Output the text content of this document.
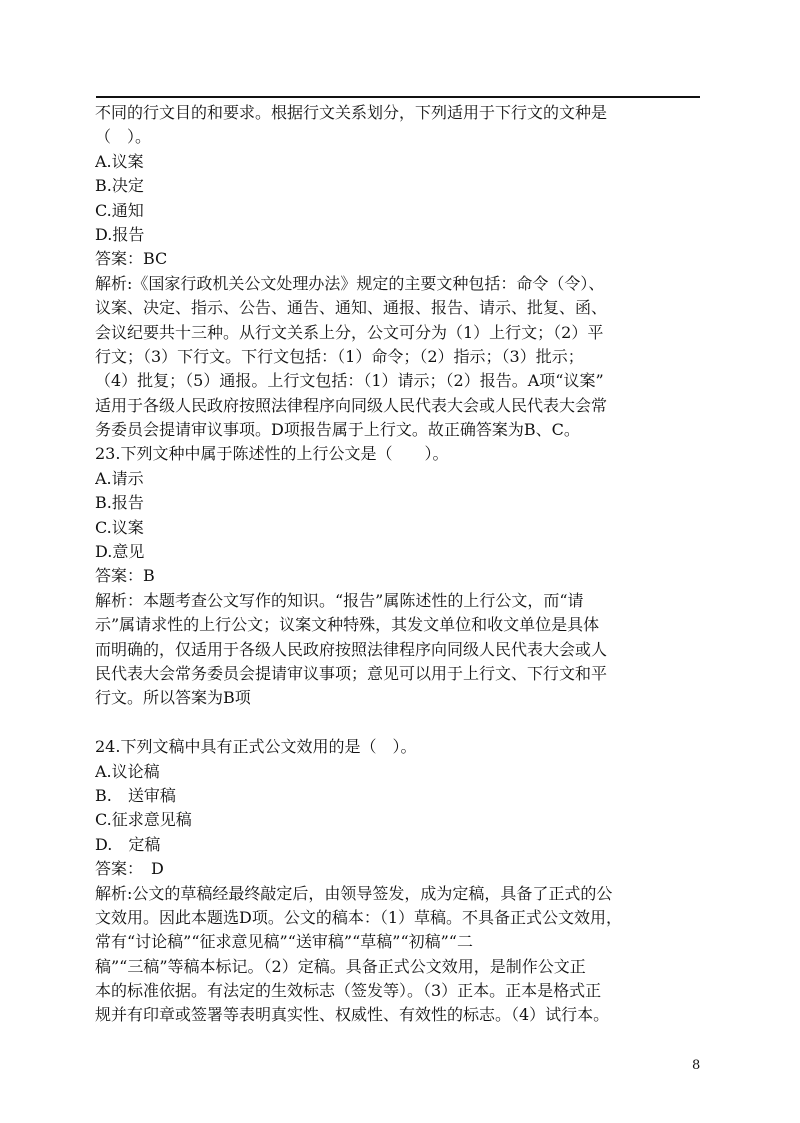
不同的行文目的和要求。根据行文关系划分，下列适用于下行文的文种是
（　）。
A.议案
B.决定
C.通知
D.报告
答案：BC
解析:《国家行政机关公文处理办法》规定的主要文种包括：命令（令）、
议案、决定、指示、公告、通告、通知、通报、报告、请示、批复、函、
会议纪要共十三种。从行文关系上分，公文可分为（1）上行文；（2）平
行文；（3）下行文。下行文包括：（1）命令；（2）指示；（3）批示；
（4）批复；（5）通报。上行文包括：（1）请示；（2）报告。A项“议案”
适用于各级人民政府按照法律程序向同级人民代表大会或人民代表大会常
务委员会提请审议事项。D项报告属于上行文。故正确答案为B、C。
23.下列文种中属于陈述性的上行公文是（　　）。
A.请示
B.报告
C.议案
D.意见
答案：B
解析：本题考查公文写作的知识。“报告”属陈述性的上行公文，而“请
示”属请求性的上行公文；议案文种特殊，其发文单位和收文单位是具体
而明确的，仅适用于各级人民政府按照法律程序向同级人民代表大会或人
民代表大会常务委员会提请审议事项；意见可以用于上行文、下行文和平
行文。所以答案为B项
24.下列文稿中具有正式公文效用的是（　）。
A.议论稿
B.　送审稿
C.征求意见稿
D.　定稿
答案：　D
解析:公文的草稿经最终敲定后，由领导签发，成为定稿，具备了正式的公
文效用。因此本题选D项。公文的稿本：（1）草稿。不具备正式公文效用，
常有“讨论稿”“征求意见稿”“送审稿”“草稿”“初稿”“二
稿”“三稿”等稿本标记。（2）定稿。具备正式公文效用，是制作公文正
本的标准依据。有法定的生效标志（签发等）。（3）正本。正本是格式正
规并有印章或签署等表明真实性、权威性、有效性的标志。（4）试行本。
8
